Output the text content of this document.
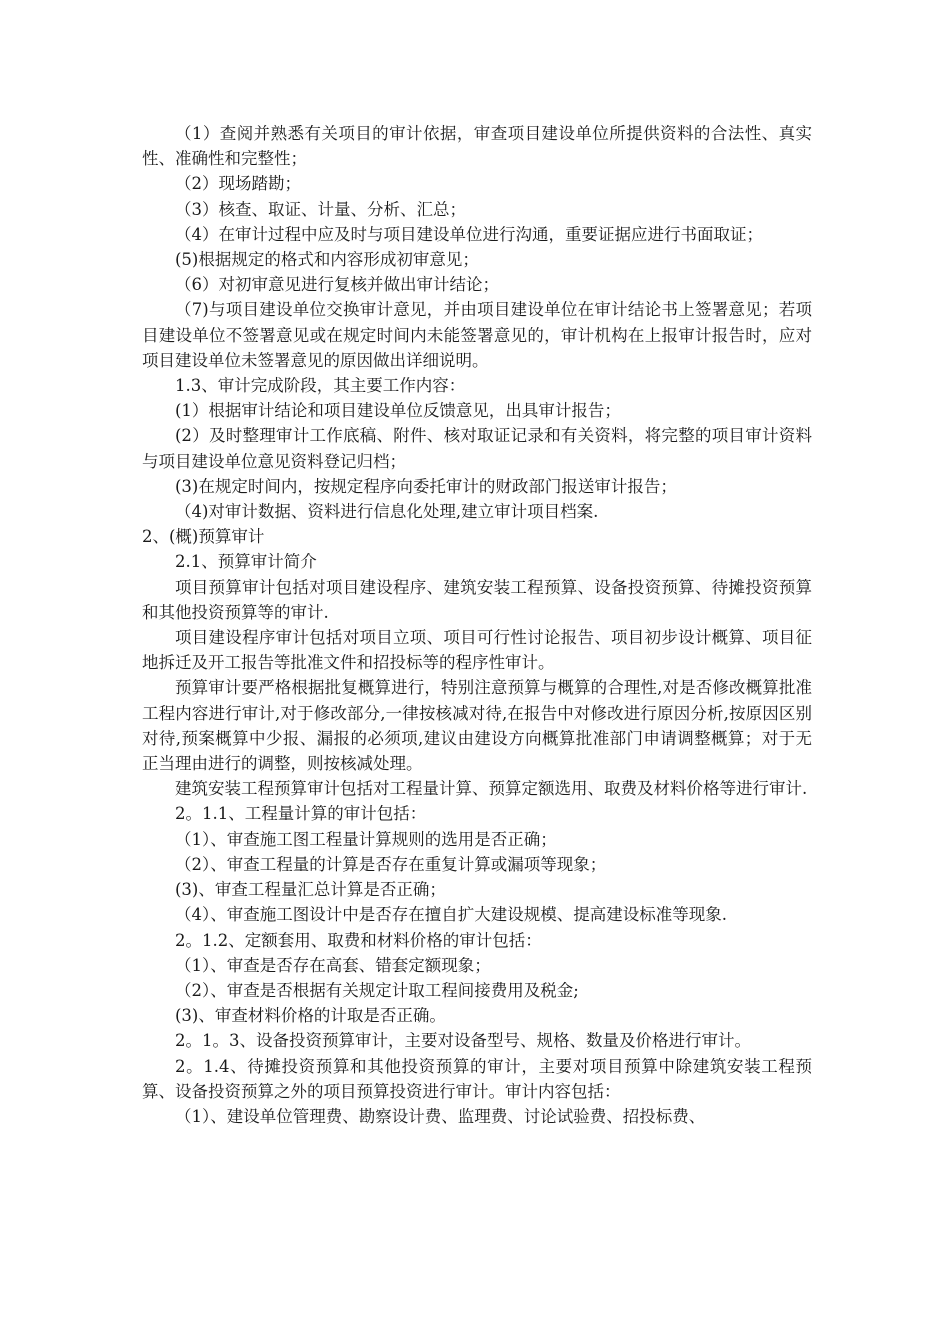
（1）查阅并熟悉有关项目的审计依据，审查项目建设单位所提供资料的合法性、真实性、准确性和完整性；

（2）现场踏勘；

（3）核查、取证、计量、分析、汇总；

（4）在审计过程中应及时与项目建设单位进行沟通，重要证据应进行书面取证；

(5)根据规定的格式和内容形成初审意见；

（6）对初审意见进行复核并做出审计结论；

（7)与项目建设单位交换审计意见，并由项目建设单位在审计结论书上签署意见；若项目建设单位不签署意见或在规定时间内未能签署意见的，审计机构在上报审计报告时，应对项目建设单位未签署意见的原因做出详细说明。

1.3、审计完成阶段，其主要工作内容：

(1）根据审计结论和项目建设单位反馈意见，出具审计报告；

(2）及时整理审计工作底稿、附件、核对取证记录和有关资料，将完整的项目审计资料与项目建设单位意见资料登记归档；

(3)在规定时间内，按规定程序向委托审计的财政部门报送审计报告；

（4)对审计数据、资料进行信息化处理,建立审计项目档案.

2、(概)预算审计

2.1、预算审计简介

项目预算审计包括对项目建设程序、建筑安装工程预算、设备投资预算、待摊投资预算和其他投资预算等的审计.

项目建设程序审计包括对项目立项、项目可行性讨论报告、项目初步设计概算、项目征地拆迁及开工报告等批准文件和招投标等的程序性审计。

预算审计要严格根据批复概算进行，特别注意预算与概算的合理性,对是否修改概算批准工程内容进行审计,对于修改部分,一律按核减对待,在报告中对修改进行原因分析,按原因区别对待,预案概算中少报、漏报的必须项,建议由建设方向概算批准部门申请调整概算；对于无正当理由进行的调整，则按核减处理。

建筑安装工程预算审计包括对工程量计算、预算定额选用、取费及材料价格等进行审计.

2。1.1、工程量计算的审计包括：

（1）、审查施工图工程量计算规则的选用是否正确；

（2）、审查工程量的计算是否存在重复计算或漏项等现象；

(3)、审查工程量汇总计算是否正确；

（4）、审查施工图设计中是否存在擅自扩大建设规模、提高建设标准等现象.

2。1.2、定额套用、取费和材料价格的审计包括：

（1）、审查是否存在高套、错套定额现象；

（2）、审查是否根据有关规定计取工程间接费用及税金;

(3)、审查材料价格的计取是否正确。

2。1。3、设备投资预算审计，主要对设备型号、规格、数量及价格进行审计。

2。1.4、待摊投资预算和其他投资预算的审计，主要对项目预算中除建筑安装工程预算、设备投资预算之外的项目预算投资进行审计。审计内容包括：

（1）、建设单位管理费、勘察设计费、监理费、讨论试验费、招投标费、
